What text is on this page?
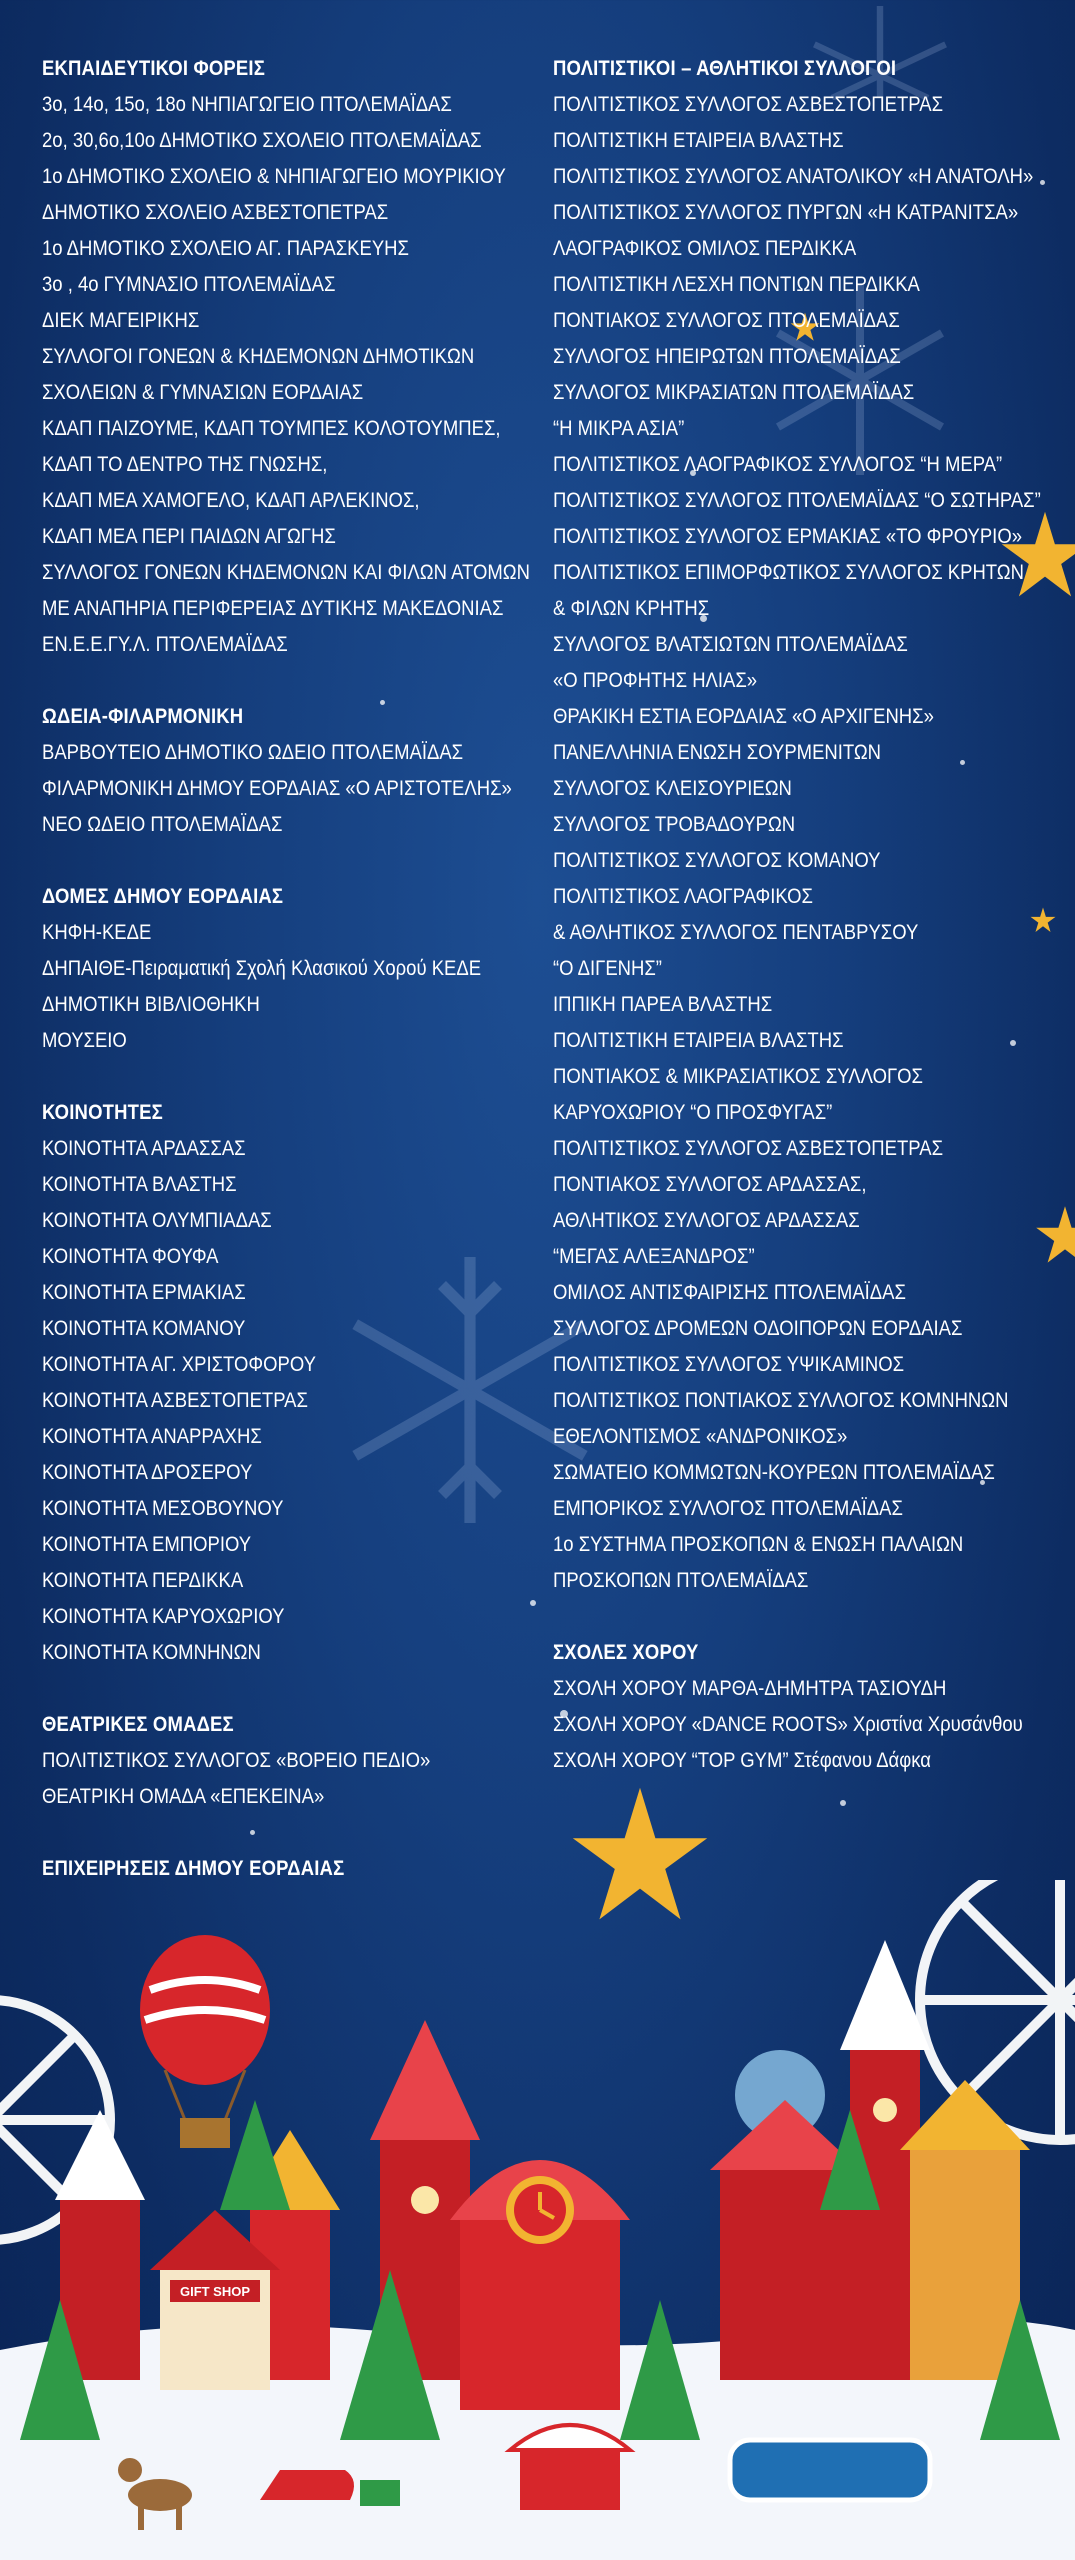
ΕΚΠΑΙΔΕΥΤΙΚΟΙ ΦΟΡΕΙΣ
3ο, 14ο, 15ο, 18ο ΝΗΠΙΑΓΩΓΕΙΟ ΠΤΟΛΕΜΑΪΔΑΣ
2ο, 30,6ο,10ο ΔΗΜΟΤΙΚΟ ΣΧΟΛΕΙΟ ΠΤΟΛΕΜΑΪΔΑΣ
1ο ΔΗΜΟΤΙΚΟ ΣΧΟΛΕΙΟ & ΝΗΠΙΑΓΩΓΕΙΟ ΜΟΥΡΙΚΙΟΥ
ΔΗΜΟΤΙΚΟ ΣΧΟΛΕΙΟ ΑΣΒΕΣΤΟΠΕΤΡΑΣ
1ο ΔΗΜΟΤΙΚΟ ΣΧΟΛΕΙΟ ΑΓ. ΠΑΡΑΣΚΕΥΗΣ
3ο , 4ο ΓΥΜΝΑΣΙΟ ΠΤΟΛΕΜΑΪΔΑΣ
ΔΙΕΚ ΜΑΓΕΙΡΙΚΗΣ
ΣΥΛΛΟΓΟΙ ΓΟΝΕΩΝ & ΚΗΔΕΜΟΝΩΝ ΔΗΜΟΤΙΚΩΝ
ΣΧΟΛΕΙΩΝ & ΓΥΜΝΑΣΙΩΝ ΕΟΡΔΑΙΑΣ
ΚΔΑΠ ΠΑΙΖΟΥΜΕ, ΚΔΑΠ ΤΟΥΜΠΕΣ ΚΟΛΟΤΟΥΜΠΕΣ,
ΚΔΑΠ ΤΟ ΔΕΝΤΡΟ ΤΗΣ ΓΝΩΣΗΣ,
ΚΔΑΠ ΜΕΑ ΧΑΜΟΓΕΛΟ, ΚΔΑΠ ΑΡΛΕΚΙΝΟΣ,
ΚΔΑΠ ΜΕΑ ΠΕΡΙ ΠΑΙΔΩΝ ΑΓΩΓΗΣ
ΣΥΛΛΟΓΟΣ ΓΟΝΕΩΝ ΚΗΔΕΜΟΝΩΝ ΚΑΙ ΦΙΛΩΝ ΑΤΟΜΩΝ
ΜΕ ΑΝΑΠΗΡΙΑ ΠΕΡΙΦΕΡΕΙΑΣ ΔΥΤΙΚΗΣ ΜΑΚΕΔΟΝΙΑΣ
ΕΝ.Ε.Ε.ΓΥ.Λ. ΠΤΟΛΕΜΑΪΔΑΣ
ΩΔΕΙΑ-ΦΙΛΑΡΜΟΝΙΚΗ
ΒΑΡΒΟΥΤΕΙΟ ΔΗΜΟΤΙΚΟ ΩΔΕΙΟ ΠΤΟΛΕΜΑΪΔΑΣ
ΦΙΛΑΡΜΟΝΙΚΗ ΔΗΜΟΥ ΕΟΡΔΑΙΑΣ «Ο ΑΡΙΣΤΟΤΕΛΗΣ»
ΝΕΟ ΩΔΕΙΟ ΠΤΟΛΕΜΑΪΔΑΣ
ΔΟΜΕΣ ΔΗΜΟΥ ΕΟΡΔΑΙΑΣ
ΚΗΦΗ-ΚΕΔΕ
ΔΗΠΑΙΘΕ-Πειραματική Σχολή Κλασικού Χορού ΚΕΔΕ
ΔΗΜΟΤΙΚΗ ΒΙΒΛΙΟΘΗΚΗ
ΜΟΥΣΕΙΟ
ΚΟΙΝΟΤΗΤΕΣ
ΚΟΙΝΟΤΗΤΑ ΑΡΔΑΣΣΑΣ
ΚΟΙΝΟΤΗΤΑ ΒΛΑΣΤΗΣ
ΚΟΙΝΟΤΗΤΑ ΟΛΥΜΠΙΑΔΑΣ
ΚΟΙΝΟΤΗΤΑ ΦΟΥΦΑ
ΚΟΙΝΟΤΗΤΑ ΕΡΜΑΚΙΑΣ
ΚΟΙΝΟΤΗΤΑ ΚΟΜΑΝΟΥ
ΚΟΙΝΟΤΗΤΑ ΑΓ. ΧΡΙΣΤΟΦΟΡΟΥ
ΚΟΙΝΟΤΗΤΑ ΑΣΒΕΣΤΟΠΕΤΡΑΣ
ΚΟΙΝΟΤΗΤΑ ΑΝΑΡΡΑΧΗΣ
ΚΟΙΝΟΤΗΤΑ ΔΡΟΣΕΡΟΥ
ΚΟΙΝΟΤΗΤΑ ΜΕΣΟΒΟΥΝΟΥ
ΚΟΙΝΟΤΗΤΑ ΕΜΠΟΡΙΟΥ
ΚΟΙΝΟΤΗΤΑ ΠΕΡΔΙΚΚΑ
ΚΟΙΝΟΤΗΤΑ ΚΑΡΥΟΧΩΡΙΟΥ
ΚΟΙΝΟΤΗΤΑ ΚΟΜΝΗΝΩΝ
ΘΕΑΤΡΙΚΕΣ ΟΜΑΔΕΣ
ΠΟΛΙΤΙΣΤΙΚΟΣ ΣΥΛΛΟΓΟΣ «ΒΟΡΕΙΟ ΠΕΔΙΟ»
ΘΕΑΤΡΙΚΗ ΟΜΑΔΑ «ΕΠΕΚΕΙΝΑ»
ΕΠΙΧΕΙΡΗΣΕΙΣ ΔΗΜΟΥ ΕΟΡΔΑΙΑΣ
ΠΟΛΙΤΙΣΤΙΚΟΙ – ΑΘΛΗΤΙΚΟΙ ΣΥΛΛΟΓΟΙ
ΠΟΛΙΤΙΣΤΙΚΟΣ ΣΥΛΛΟΓΟΣ ΑΣΒΕΣΤΟΠΕΤΡΑΣ
ΠΟΛΙΤΙΣΤΙΚΗ ΕΤΑΙΡΕΙΑ ΒΛΑΣΤΗΣ
ΠΟΛΙΤΙΣΤΙΚΟΣ ΣΥΛΛΟΓΟΣ ΑΝΑΤΟΛΙΚΟΥ «Η ΑΝΑΤΟΛΗ»
ΠΟΛΙΤΙΣΤΙΚΟΣ ΣΥΛΛΟΓΟΣ ΠΥΡΓΩΝ «Η ΚΑΤΡΑΝΙΤΣΑ»
ΛΑΟΓΡΑΦΙΚΟΣ ΟΜΙΛΟΣ ΠΕΡΔΙΚΚΑ
ΠΟΛΙΤΙΣΤΙΚΗ ΛΕΣΧΗ ΠΟΝΤΙΩΝ ΠΕΡΔΙΚΚΑ
ΠΟΝΤΙΑΚΟΣ ΣΥΛΛΟΓΟΣ ΠΤΟΛΕΜΑΪΔΑΣ
ΣΥΛΛΟΓΟΣ ΗΠΕΙΡΩΤΩΝ ΠΤΟΛΕΜΑΪΔΑΣ
ΣΥΛΛΟΓΟΣ ΜΙΚΡΑΣΙΑΤΩΝ ΠΤΟΛΕΜΑΪΔΑΣ
“Η ΜΙΚΡΑ ΑΣΙΑ”
ΠΟΛΙΤΙΣΤΙΚΟΣ ΛΑΟΓΡΑΦΙΚΟΣ ΣΥΛΛΟΓΟΣ “Η ΜΕΡΑ”
ΠΟΛΙΤΙΣΤΙΚΟΣ ΣΥΛΛΟΓΟΣ ΠΤΟΛΕΜΑΪΔΑΣ “Ο ΣΩΤΗΡΑΣ”
ΠΟΛΙΤΙΣΤΙΚΟΣ ΣΥΛΛΟΓΟΣ ΕΡΜΑΚΙΑΣ «ΤΟ ΦΡΟΥΡΙΟ»
ΠΟΛΙΤΙΣΤΙΚΟΣ ΕΠΙΜΟΡΦΩΤΙΚΟΣ ΣΥΛΛΟΓΟΣ ΚΡΗΤΩΝ
& ΦΙΛΩΝ ΚΡΗΤΗΣ
ΣΥΛΛΟΓΟΣ ΒΛΑΤΣΙΩΤΩΝ ΠΤΟΛΕΜΑΪΔΑΣ
«Ο ΠΡΟΦΗΤΗΣ ΗΛΙΑΣ»
ΘΡΑΚΙΚΗ ΕΣΤΙΑ ΕΟΡΔΑΙΑΣ «Ο ΑΡΧΙΓΕΝΗΣ»
ΠΑΝΕΛΛΗΝΙΑ ΕΝΩΣΗ ΣΟΥΡΜΕΝΙΤΩΝ
ΣΥΛΛΟΓΟΣ ΚΛΕΙΣΟΥΡΙΕΩΝ
ΣΥΛΛΟΓΟΣ ΤΡΟΒΑΔΟΥΡΩΝ
ΠΟΛΙΤΙΣΤΙΚΟΣ ΣΥΛΛΟΓΟΣ ΚΟΜΑΝΟΥ
ΠΟΛΙΤΙΣΤΙΚΟΣ ΛΑΟΓΡΑΦΙΚΟΣ
& ΑΘΛΗΤΙΚΟΣ ΣΥΛΛΟΓΟΣ ΠΕΝΤΑΒΡΥΣΟΥ
“Ο ΔΙΓΕΝΗΣ”
ΙΠΠΙΚΗ ΠΑΡΕΑ ΒΛΑΣΤΗΣ
ΠΟΛΙΤΙΣΤΙΚΗ ΕΤΑΙΡΕΙΑ ΒΛΑΣΤΗΣ
ΠΟΝΤΙΑΚΟΣ & ΜΙΚΡΑΣΙΑΤΙΚΟΣ ΣΥΛΛΟΓΟΣ
ΚΑΡΥΟΧΩΡΙΟΥ “Ο ΠΡΟΣΦΥΓΑΣ”
ΠΟΛΙΤΙΣΤΙΚΟΣ ΣΥΛΛΟΓΟΣ ΑΣΒΕΣΤΟΠΕΤΡΑΣ
ΠΟΝΤΙΑΚΟΣ ΣΥΛΛΟΓΟΣ ΑΡΔΑΣΣΑΣ,
ΑΘΛΗΤΙΚΟΣ ΣΥΛΛΟΓΟΣ ΑΡΔΑΣΣΑΣ
“ΜΕΓΑΣ ΑΛΕΞΑΝΔΡΟΣ”
ΟΜΙΛΟΣ ΑΝΤΙΣΦΑΙΡΙΣΗΣ ΠΤΟΛΕΜΑΪΔΑΣ
ΣΥΛΛΟΓΟΣ ΔΡΟΜΕΩΝ ΟΔΟΙΠΟΡΩΝ ΕΟΡΔΑΙΑΣ
ΠΟΛΙΤΙΣΤΙΚΟΣ ΣΥΛΛΟΓΟΣ ΥΨΙΚΑΜΙΝΟΣ
ΠΟΛΙΤΙΣΤΙΚΟΣ ΠΟΝΤΙΑΚΟΣ ΣΥΛΛΟΓΟΣ ΚΟΜΝΗΝΩΝ
ΕΘΕΛΟΝΤΙΣΜΟΣ «ΑΝΔΡΟΝΙΚΟΣ»
ΣΩΜΑΤΕΙΟ ΚΟΜΜΩΤΩΝ-ΚΟΥΡΕΩΝ ΠΤΟΛΕΜΑΪΔΑΣ
ΕΜΠΟΡΙΚΟΣ ΣΥΛΛΟΓΟΣ ΠΤΟΛΕΜΑΪΔΑΣ
1ο ΣΥΣΤΗΜΑ ΠΡΟΣΚΟΠΩΝ & ΕΝΩΣΗ ΠΑΛΑΙΩΝ
ΠΡΟΣΚΟΠΩΝ ΠΤΟΛΕΜΑΪΔΑΣ
ΣΧΟΛΕΣ ΧΟΡΟΥ
ΣΧΟΛΗ ΧΟΡΟΥ ΜΑΡΘΑ-ΔΗΜΗΤΡΑ ΤΑΣΙΟΥΔΗ
ΣΧΟΛΗ ΧΟΡΟΥ «DANCE ROOTS» Χριστίνα Χρυσάνθου
ΣΧΟΛΗ ΧΟΡΟΥ “TOP GYM” Στέφανου Δάφκα
GIFT SHOP
